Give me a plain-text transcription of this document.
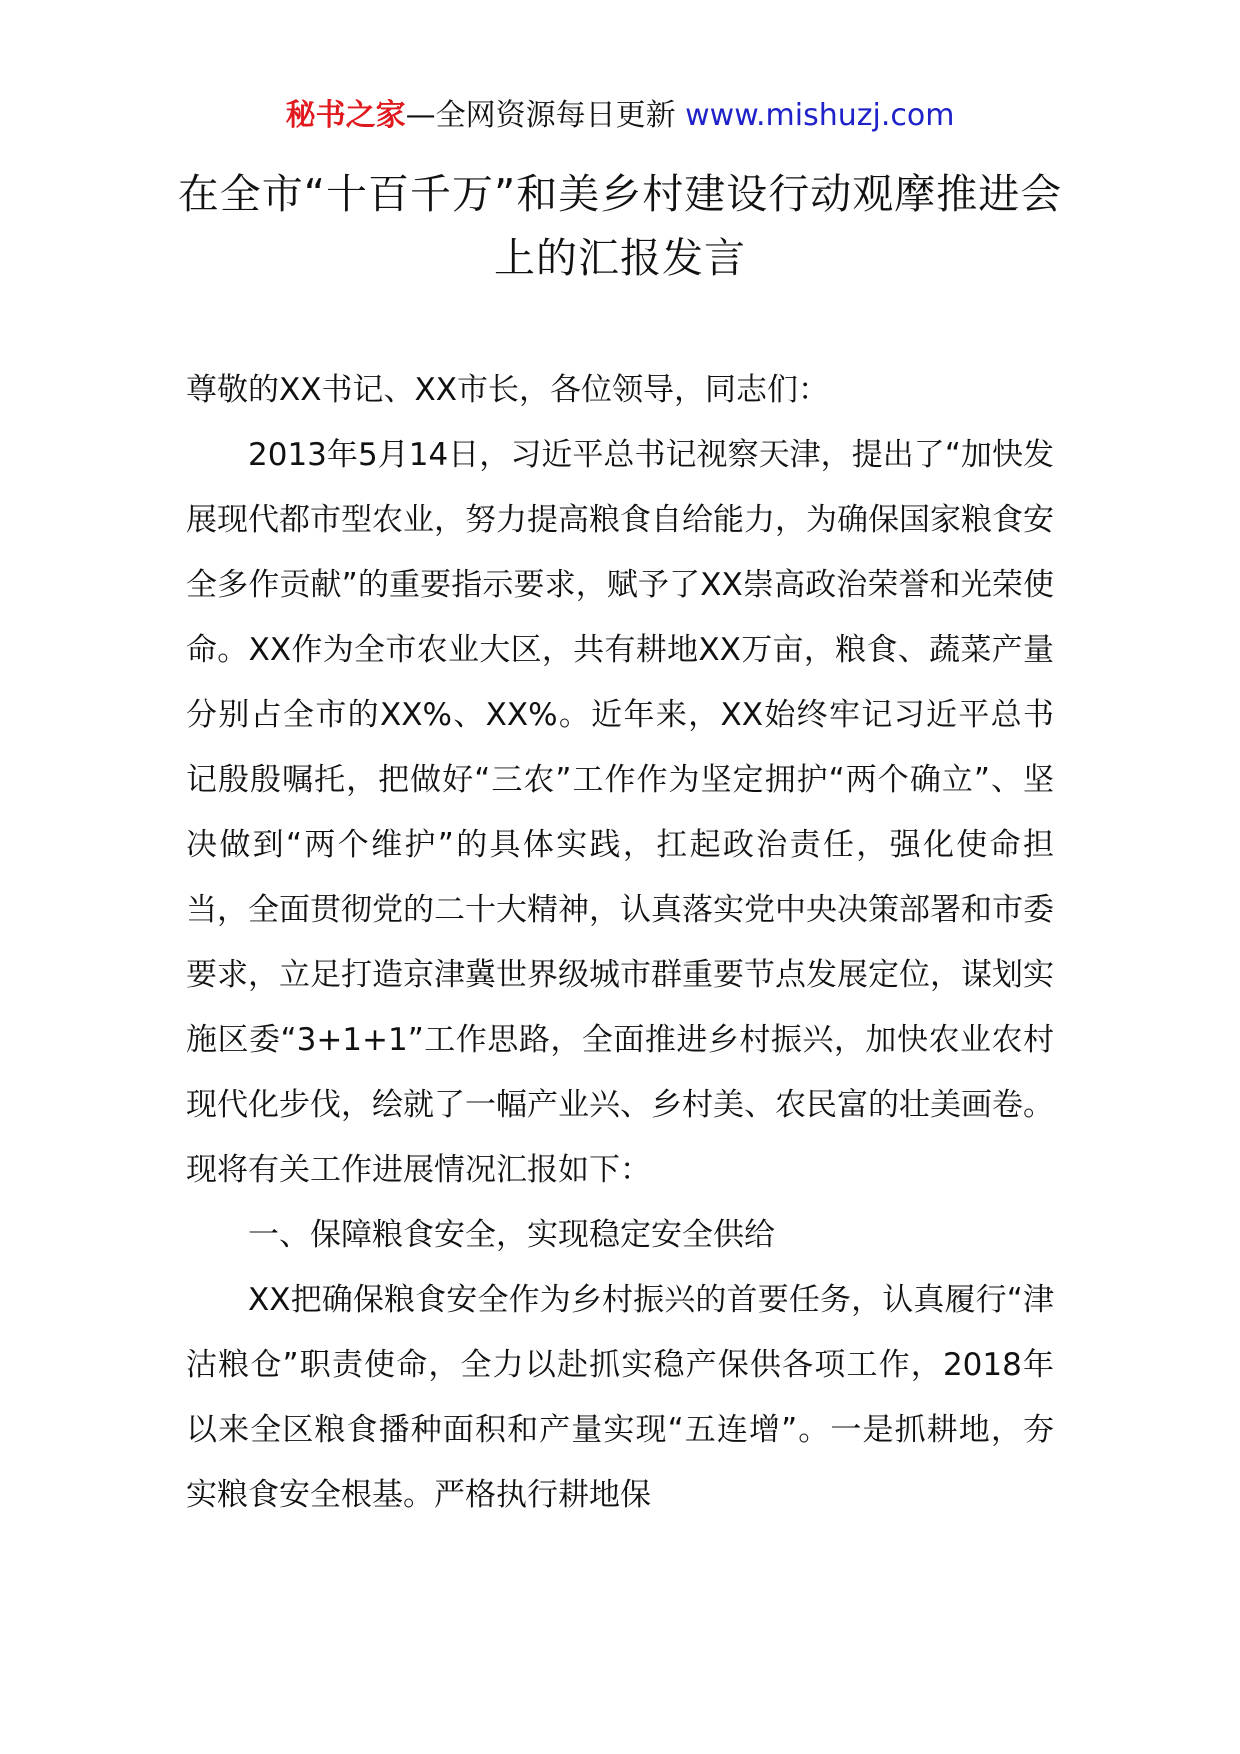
秘书之家—全网资源每日更新 www.mishuzj.com
在全市“十百千万”和美乡村建设行动观摩推进会上的汇报发言

尊敬的XX书记、XX市长，各位领导，同志们：

2013年5月14日，习近平总书记视察天津，提出了“加快发展现代都市型农业，努力提高粮食自给能力，为确保国家粮食安全多作贡献”的重要指示要求，赋予了XX崇高政治荣誉和光荣使命。XX作为全市农业大区，共有耕地XX万亩，粮食、蔬菜产量分别占全市的XX%、XX%。近年来，XX始终牢记习近平总书记殷殷嘱托，把做好“三农”工作作为坚定拥护“两个确立”、坚决做到“两个维护”的具体实践，扛起政治责任，强化使命担当，全面贯彻党的二十大精神，认真落实党中央决策部署和市委要求，立足打造京津冀世界级城市群重要节点发展定位，谋划实施区委“3+1+1”工作思路，全面推进乡村振兴，加快农业农村现代化步伐，绘就了一幅产业兴、乡村美、农民富的壮美画卷。现将有关工作进展情况汇报如下：

一、保障粮食安全，实现稳定安全供给

XX把确保粮食安全作为乡村振兴的首要任务，认真履行“津沽粮仓”职责使命，全力以赴抓实稳产保供各项工作，2018年以来全区粮食播种面积和产量实现“五连增”。一是抓耕地，夯实粮食安全根基。严格执行耕地保
